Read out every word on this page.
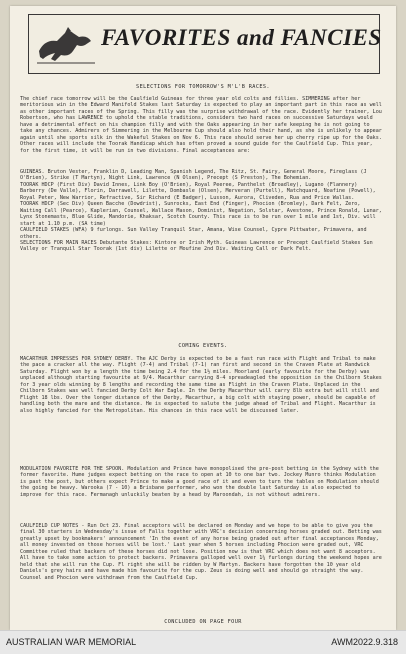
FAVORITES and FANCIES
SELECTIONS FOR TOMORROW'S M'L'B RACES.
The chief race tomorrow will be the Caulfield Guineas for three year old colts and fillies. SIMMERING after her meritorious win in the Edward Manifold Stakes last Saturday is expected to play an important part in this race as well as other important races of the Spring. This filly was the surprise withdrawal of the race. Evidently her trainer, Lou Robertson, who has LAWRENCE to uphold the stable traditions, considers two hard races on successive Saturdays would have a detrimental effect on his champion filly and with the Oaks appearing in her safe keeping he is not going to take any chances. Admirers of Simmering in the Melbourne Cup should also hold their hand, as she is unlikely to appear again until she sports silk in the Wakeful Stakes on Nov 6. This race should serve her up cherry ripe up for the Oaks. Other races will include the Toorak Handicap which has often proved a sound guide for the Caulfield Cup. This year, for the first time, it will be run in two divisions. Final acceptances are:
GUINEAS. Bruton Vester, Franklin D, Leading Man, Spanish Legend, The Ritz, St. Fairy, General Moore, Fireglass (J O'Brien), Strike (T Martyn), Night Link, Lawrence (N Olsen), Precept (S Preston), The Bohemian.
TOORAK HDCP (First Div) David Innes, Link Boy (O'Brien), Royal Peeree, Panthelst (Broadley), Lugano (Flannery) Barberry (De Valle), Florin, Darrawell, Lilette, Dombasle (Olsen), Merveran (Purtell), Matchquard, Noafine (Powell), Royal Peter, New Warrior, Refractive, Sir Richard (E Badger), Lusson, Aurora, Cliveden, Rua and Price Wallas.
TOORAK HDCP (Sec Div) Queen Bacche (Dowdrist), Sunrocks, East End (Finger), Phocion (Bromley), Dark Felt, Zero, Waiting Call (Pearce), Kaplerian, Counsel, Wallace Mason, Dominist, Negation, Solstar, Avestone, Prince Ronald, Lunar, Lynx Stonemasts, Blue Glide, Mandorie, Khaksar, Scotch County. This race is to be run over 1 mile and 1st, Div. will start at 1.10 p.m. (SA time)
CAULFIELD STAKES (WFA) 9 furlongs. Sun Valley Tranquil Star, Amana, Wise Counsel, Cypre Pittwater, Primavera, and others.
SELECTIONS FOR MAIN RACES Debutante Stakes: Kintore or Irish Myth. Guineas Lawrence or Precept Caulfield Stakes Sun Valley or Tranquil Star Toorak (1st div) Lilette or Moufine 2nd Div. Waiting Call or Dark Felt.
COMING EVENTS.
MACARTHUR IMPRESSES FOR SYDNEY DERBY. The AJC Derby is expected to be a fast run race with Flight and Tribal to make the pace a cracker all the way. Flight (7-4) and Tribal (7-1) ran first and second in the Craven Plate at Randwick Saturday. Flight won by a length the time being 2.4 for the 1½ miles. Moorland (early favourite for the Derby) was unplaced although starting favourite at 9/4. Macarthur carrying 8-4 spreadeagled the opposition in the Chilborn Stakes for 3 year olds winning by 8 lengths and recording the same time as Flight in the Craven Plate. Unplaced in the Chilborn Stakes was well fancied Derby Colt War Eagle. In the Derby Macarthur will carry 8lb extra but will still and Flight 18 lbs. Over the longer distance of the Derby, Macarthur, a big colt with staying power, should be capable of handling both the mare and the distance. He is expected to salute the judge ahead of Tribal and Flight. Macarthur is also highly fancied for the Metropolitan. His chances in this race will be discussed later.
MODULATION FAVORITE FOR THE SPOON. Modulation and Prince have monopolised the pre-post betting in the Sydney with the former favorite. Hume judges expect betting on the race to open at 10 to one bar two. Jockey Munro thinks Modulation is past the post, but others expect Prince to make a good race of it and even to turn the tables on Modulation should the going be heavy. Warooka (7 - 10) a Brisbane performer, who won the double last Saturday is also expected to improve for this race. Fermanagh unluckily beaten by a head by Maroondah, is not without admirers.
CAULFIELD CUP NOTES - Run Oct 23. Final acceptors will be declared on Monday and we hope to be able to give you the final 30 starters in Wednesday's issue of Falls together with VRC's decision concerning horses graded out. Betting was greatly upset by bookmakers' announcement 'In the event of any horse being graded out after final acceptances Monday, all money invested on those horses will be lost.' Last year when 5 horses including Phocion were graded out, VRC Committee ruled that backers of these horses did not lose. Position now is that VRC which does not want 8 acceptors. All have to take some action to protect backers. Primavera galloped well over 1¼ furlongs during the weekend hopes are held that she will run the Cup. Fl right she will be ridden by W Martyn. Backers have forgotten the 10 year old Daniels's grey hairs and have made him favourite for the cup. Zeus is doing well and should go straight the way. Counsel and Phocion were withdrawn from the Caulfield Cup.
CONCLUDED ON PAGE FOUR
AUSTRALIAN WAR MEMORIAL	AWM2022.9.318
